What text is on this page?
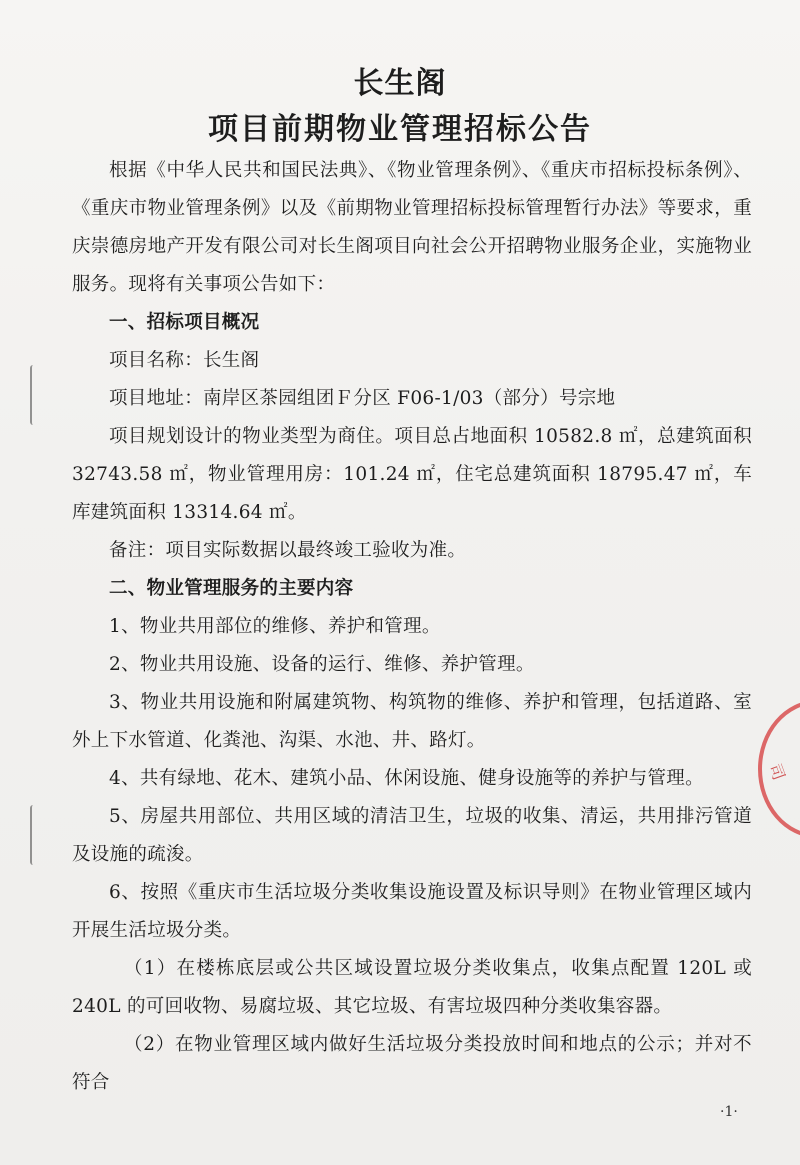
司
长生阁
项目前期物业管理招标公告

根据《中华人民共和国民法典》、《物业管理条例》、《重庆市招标投标条例》、《重庆市物业管理条例》以及《前期物业管理招标投标管理暂行办法》等要求，重庆崇德房地产开发有限公司对长生阁项目向社会公开招聘物业服务企业，实施物业服务。现将有关事项公告如下：

一、招标项目概况

项目名称：长生阁

项目地址：南岸区茶园组团Ｆ分区 F06-1/03（部分）号宗地

项目规划设计的物业类型为商住。项目总占地面积 10582.8 ㎡，总建筑面积 32743.58 ㎡，物业管理用房：101.24 ㎡，住宅总建筑面积 18795.47 ㎡，车库建筑面积 13314.64 ㎡。

备注：项目实际数据以最终竣工验收为准。

二、物业管理服务的主要内容

1、物业共用部位的维修、养护和管理。

2、物业共用设施、设备的运行、维修、养护管理。

3、物业共用设施和附属建筑物、构筑物的维修、养护和管理，包括道路、室外上下水管道、化粪池、沟渠、水池、井、路灯。

4、共有绿地、花木、建筑小品、休闲设施、健身设施等的养护与管理。

5、房屋共用部位、共用区域的清洁卫生，垃圾的收集、清运，共用排污管道及设施的疏浚。

6、按照《重庆市生活垃圾分类收集设施设置及标识导则》在物业管理区域内开展生活垃圾分类。

（1）在楼栋底层或公共区域设置垃圾分类收集点，收集点配置 120L 或 240L 的可回收物、易腐垃圾、其它垃圾、有害垃圾四种分类收集容器。

（2）在物业管理区域内做好生活垃圾分类投放时间和地点的公示；并对不符合

·1·
